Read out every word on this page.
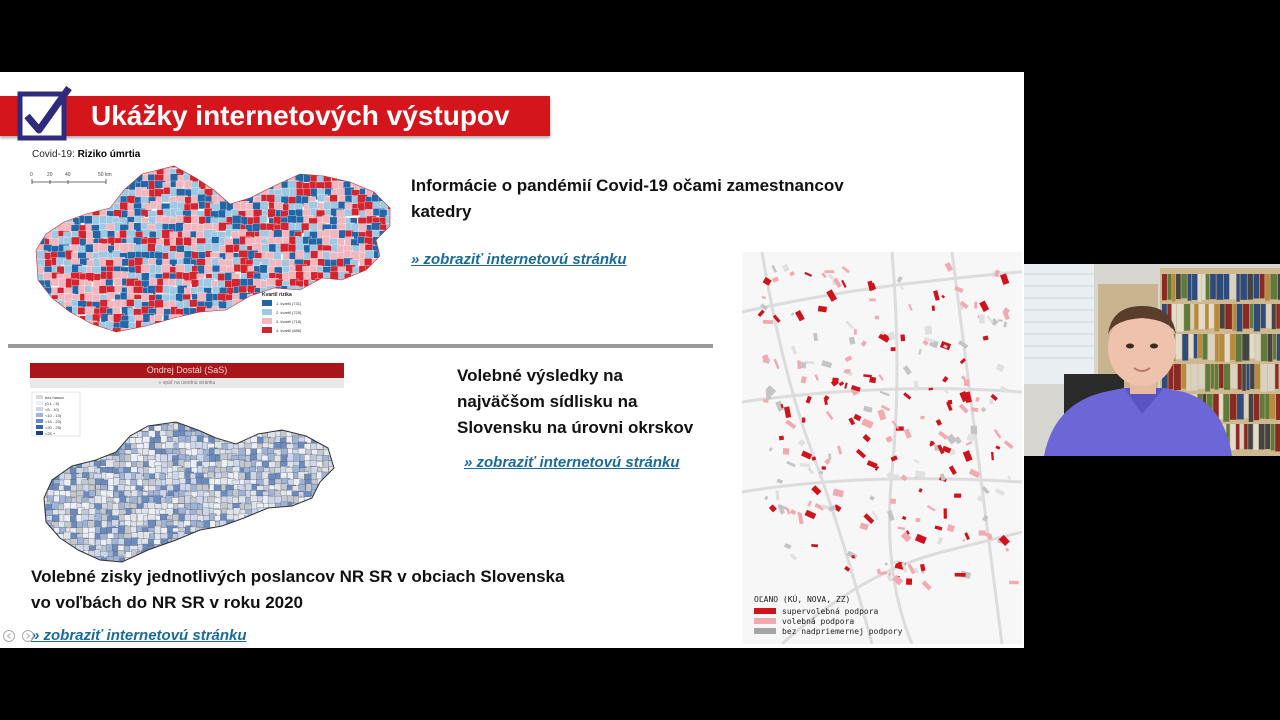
Ukážky internetových výstupov
Covid-19: Riziko úmrtia
0	20 40	50 km
Kvartil rizika
1. kvartil (731)
2. kvartil (720)
3. kvartil (718)
4. kvartil (686)
Informácie o pandémií Covid-19 očami zamestnancov
katedry
» zobraziť internetovú stránku
Ondrej Dostál (SaS)
« späť na úvodnú stránku
bez hlasov
(0,1 - 5)
<5 - 10)
<10 - 15)
<15 - 20)
<20 - 25)
<25 +
Volebné výsledky na
najväčšom sídlisku na
Slovensku na úrovni okrskov
» zobraziť internetovú stránku
Volebné zisky jednotlivých poslancov NR SR v obciach Slovenska
vo voľbách do NR SR v roku 2020
» zobraziť internetovú stránku
OĽANO (KÚ, NOVA, ZZ)
supervolebná podpora
volebná podpora
bez nadpriemernej podpory
